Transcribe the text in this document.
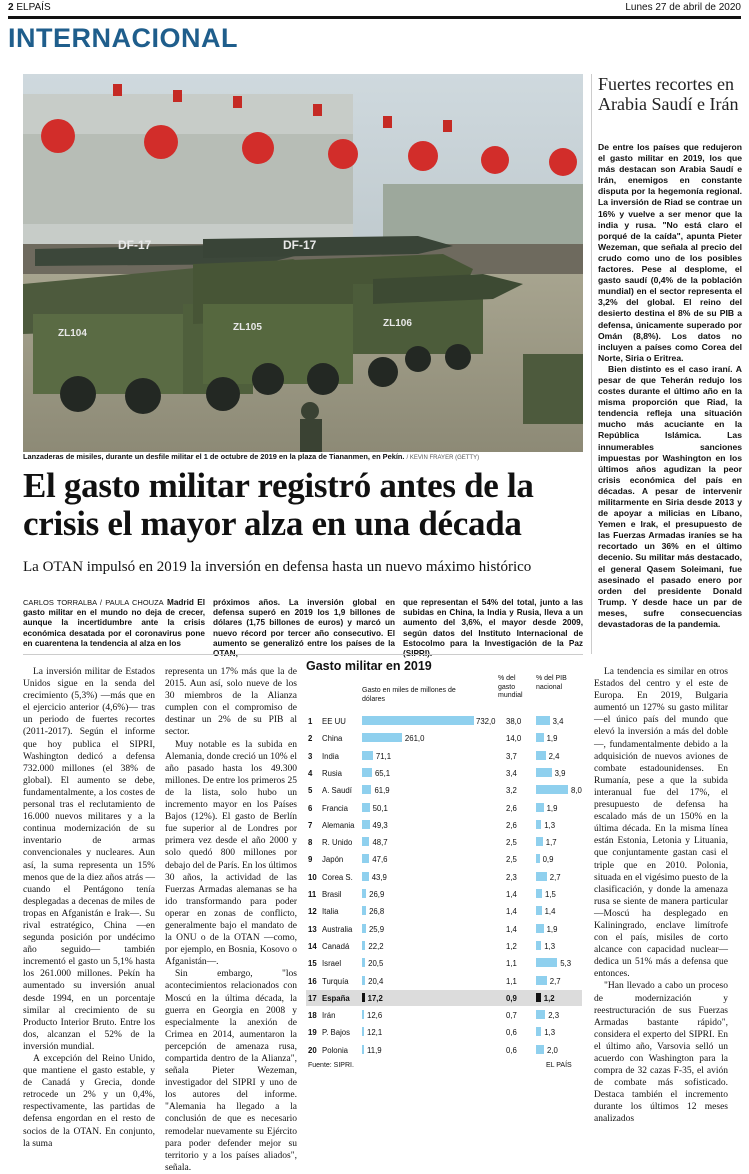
2 ELPAÍS	Lunes 27 de abril de 2020
INTERNACIONAL
DF-17	DF-17
ZL104
ZL105	ZL106
Lanzaderas de misiles, durante un desfile militar el 1 de octubre de 2019 en la plaza de Tiananmen, en Pekín. / KEVIN FRAYER (GETTY)
El gasto militar registró antes de la crisis el mayor alza en una década
La OTAN impulsó en 2019 la inversión en defensa hasta un nuevo máximo histórico
CARLOS TORRALBA / PAULA CHOUZA Madrid El gasto militar en el mundo no deja de crecer, aunque la incertidumbre ante la crisis económica desatada por el coronavirus pone en cuarentena la tendencia al alza en los
próximos años. La inversión global en defensa superó en 2019 los 1,9 billones de dólares (1,75 billones de euros) y marcó un nuevo récord por tercer año consecutivo. El aumento se generalizó entre los países de la
que representan el 54% del total, junto a las subidas en China, la India y Rusia, lleva a un aumento del 3,6%, el mayor desde 2009, según datos del Instituto Internacional de Estocolmo para la Investigación de la Paz
La inversión militar de Estados Unidos sigue en la senda del crecimiento (5,3%) —más que en el ejercicio anterior (4,6%)— tras un periodo de fuertes recortes (2011-2017). Según el informe que hoy publica el SIPRI, Washington dedicó a defensa 732.000 millones (el 38% de global). El aumento se debe, fundamentalmente, a los costes de personal tras el reclutamiento de 16.000 nuevos militares y a la continua modernización de su inventario de armas convencionales y nucleares. Aun así, la suma representa un 15% menos que de la diez años atrás —cuando el Pentágono tenía desplegadas a decenas de miles de tropas en Afganistán e Irak—. Su rival estratégico, China —en segunda posición por undécimo año seguido— también incrementó el gasto un 5,1% hasta los 261.000 millones. Pekín ha aumentado su inversión anual desde 1994, en un porcentaje similar al crecimiento de su Producto Interior Bruto. Entre los dos, alcanzan el 52% de la inversión mundial.
A excepción del Reino Unido, que mantiene el gasto estable, y de Canadá y Grecia, donde retrocede un 2% y un 0,4%, respectivamente, las partidas de defensa engordan en el resto de socios de la OTAN. En conjunto, la suma
representa un 17% más que la de 2015. Aun así, solo nueve de los 30 miembros de la Alianza cumplen con el compromiso de destinar un 2% de su PIB al sector.
Muy notable es la subida en Alemania, donde creció un 10% el año pasado hasta los 49.300 millones. De entre los primeros 25 de la lista, solo hubo un incremento mayor en los Países Bajos (12%). El gasto de Berlín fue superior al de Londres por primera vez desde el año 2000 y solo quedó 800 millones por debajo del de París. En los últimos 30 años, la actividad de las Fuerzas Armadas alemanas se ha ido transformando para poder operar en zonas de conflicto, generalmente bajo el mandato de la ONU o de la OTAN —como, por ejemplo, en Bosnia, Kosovo o Afganistán—.
Sin embargo, "los acontecimientos relacionados con Moscú en la última década, la guerra en Georgia en 2008 y especialmente la anexión de Crimea en 2014, aumentaron la percepción de amenaza rusa, compartida dentro de la Alianza", señala Pieter Wezeman, investigador del SIPRI y uno de los autores del informe. "Alemania ha llegado a la conclusión de que es necesario remodelar nuevamente su Ejército para poder defender mejor su territorio y a los países aliados", señala.
La tendencia es similar en otros Estados del centro y el este de Europa. En 2019, Bulgaria aumentó un 127% su gasto militar —el único país del mundo que elevó la inversión a más del doble—, fundamentalmente debido a la adquisición de nuevos aviones de combate estadounidenses. En Rumanía, pese a que la subida interanual fue del 17%, el presupuesto de defensa ha escalado más de un 150% en la última década. En la misma línea están Estonia, Letonia y Lituania, que conjuntamente gastan casi el triple que en 2010. Polonia, situada en el vigésimo puesto de la clasificación, y donde la amenaza rusa se siente de manera particular —Moscú ha desplegado en Kaliningrado, enclave limítrofe con el país, misiles de corto alcance con capacidad nuclear— dedica un 51% más a defensa que entonces.
"Han llevado a cabo un proceso de modernización y reestructuración de sus Fuerzas Armadas bastante rápido", considera el experto del SIPRI. En el último año, Varsovia selló un acuerdo con Washington para la compra de 32 cazas F-35, el avión de combate más sofisticado. Destaca también el incremento durante los últimos 12 meses analizados
Fuertes recortes en Arabia Saudí e Irán
De entre los países que redujeron el gasto militar en 2019, los que más destacan son Arabia Saudí e Irán, enemigos en constante disputa por la hegemonía regional. La inversión de Riad se contrae un 16% y vuelve a ser menor que la india y rusa. "No está claro el porqué de la caída", apunta Pieter Wezeman, que señala al precio del crudo como uno de los posibles factores. Pese al desplome, el gasto saudí (0,4% de la población mundial) en el sector representa el 3,2% del global. El reino del desierto destina el 8% de su PIB a defensa, únicamente superado por Omán (8,8%). Los datos no incluyen a países como Corea del Norte, Siria o Eritrea.
Bien distinto es el caso iraní. A pesar de que Teherán redujo los costes durante el último año en la misma proporción que Riad, la tendencia refleja una situación mucho más acuciante en la República Islámica. Las innumerables sanciones impuestas por Washington en los últimos años agudizan la peor crisis económica del país en décadas. A pesar de intervenir militarmente en Siria desde 2013 y de apoyar a milicias en Líbano, Yemen e Irak, el presupuesto de las Fuerzas Armadas iraníes se ha recortado un 36% en el último decenio. Su militar más destacado, el general Qasem Soleimani, fue asesinado el pasado enero por orden del presidente Donald Trump. Y desde hace un par de meses, sufre consecuencias devastadoras de la pandemia.
Gasto militar en 2019
Gasto en miles de millones de dólares
% del gasto mundial
% del PIB nacional
1 EE UU	732,0 38,0	3,4
2 China	261,0	14,0	1,9
3 India	71,1	3,7	2,4
4 Rusia	65,1	3,4	3,9
5 A. Saudí	61,9	3,2	8,0
6 Francia	50,1	2,6	1,9
7 Alemania 49,3	2,6	1,3
8 R. Unido	48,7	2,5	1,7
9 Japón	47,6	2,5	0,9
10 Corea S. 43,9	2,3	2,7
11 Brasil	26,9	1,4	1,5
12 Italia	26,8	1,4	1,4
13 Australia 25,9	1,4	1,9
14 Canadá 22,2	1,2	1,3
15 Israel	20,5	1,1	5,3
16 Turquía	20,4	1,1	2,7
17 España 17,2	0,9	1,2
18 Irán	12,6	0,7	2,3
19 P. Bajos 12,1	0,6	1,3
20 Polonia 11,9	0,6	2,0
Fuente: SIPRI.	EL PAÍS
